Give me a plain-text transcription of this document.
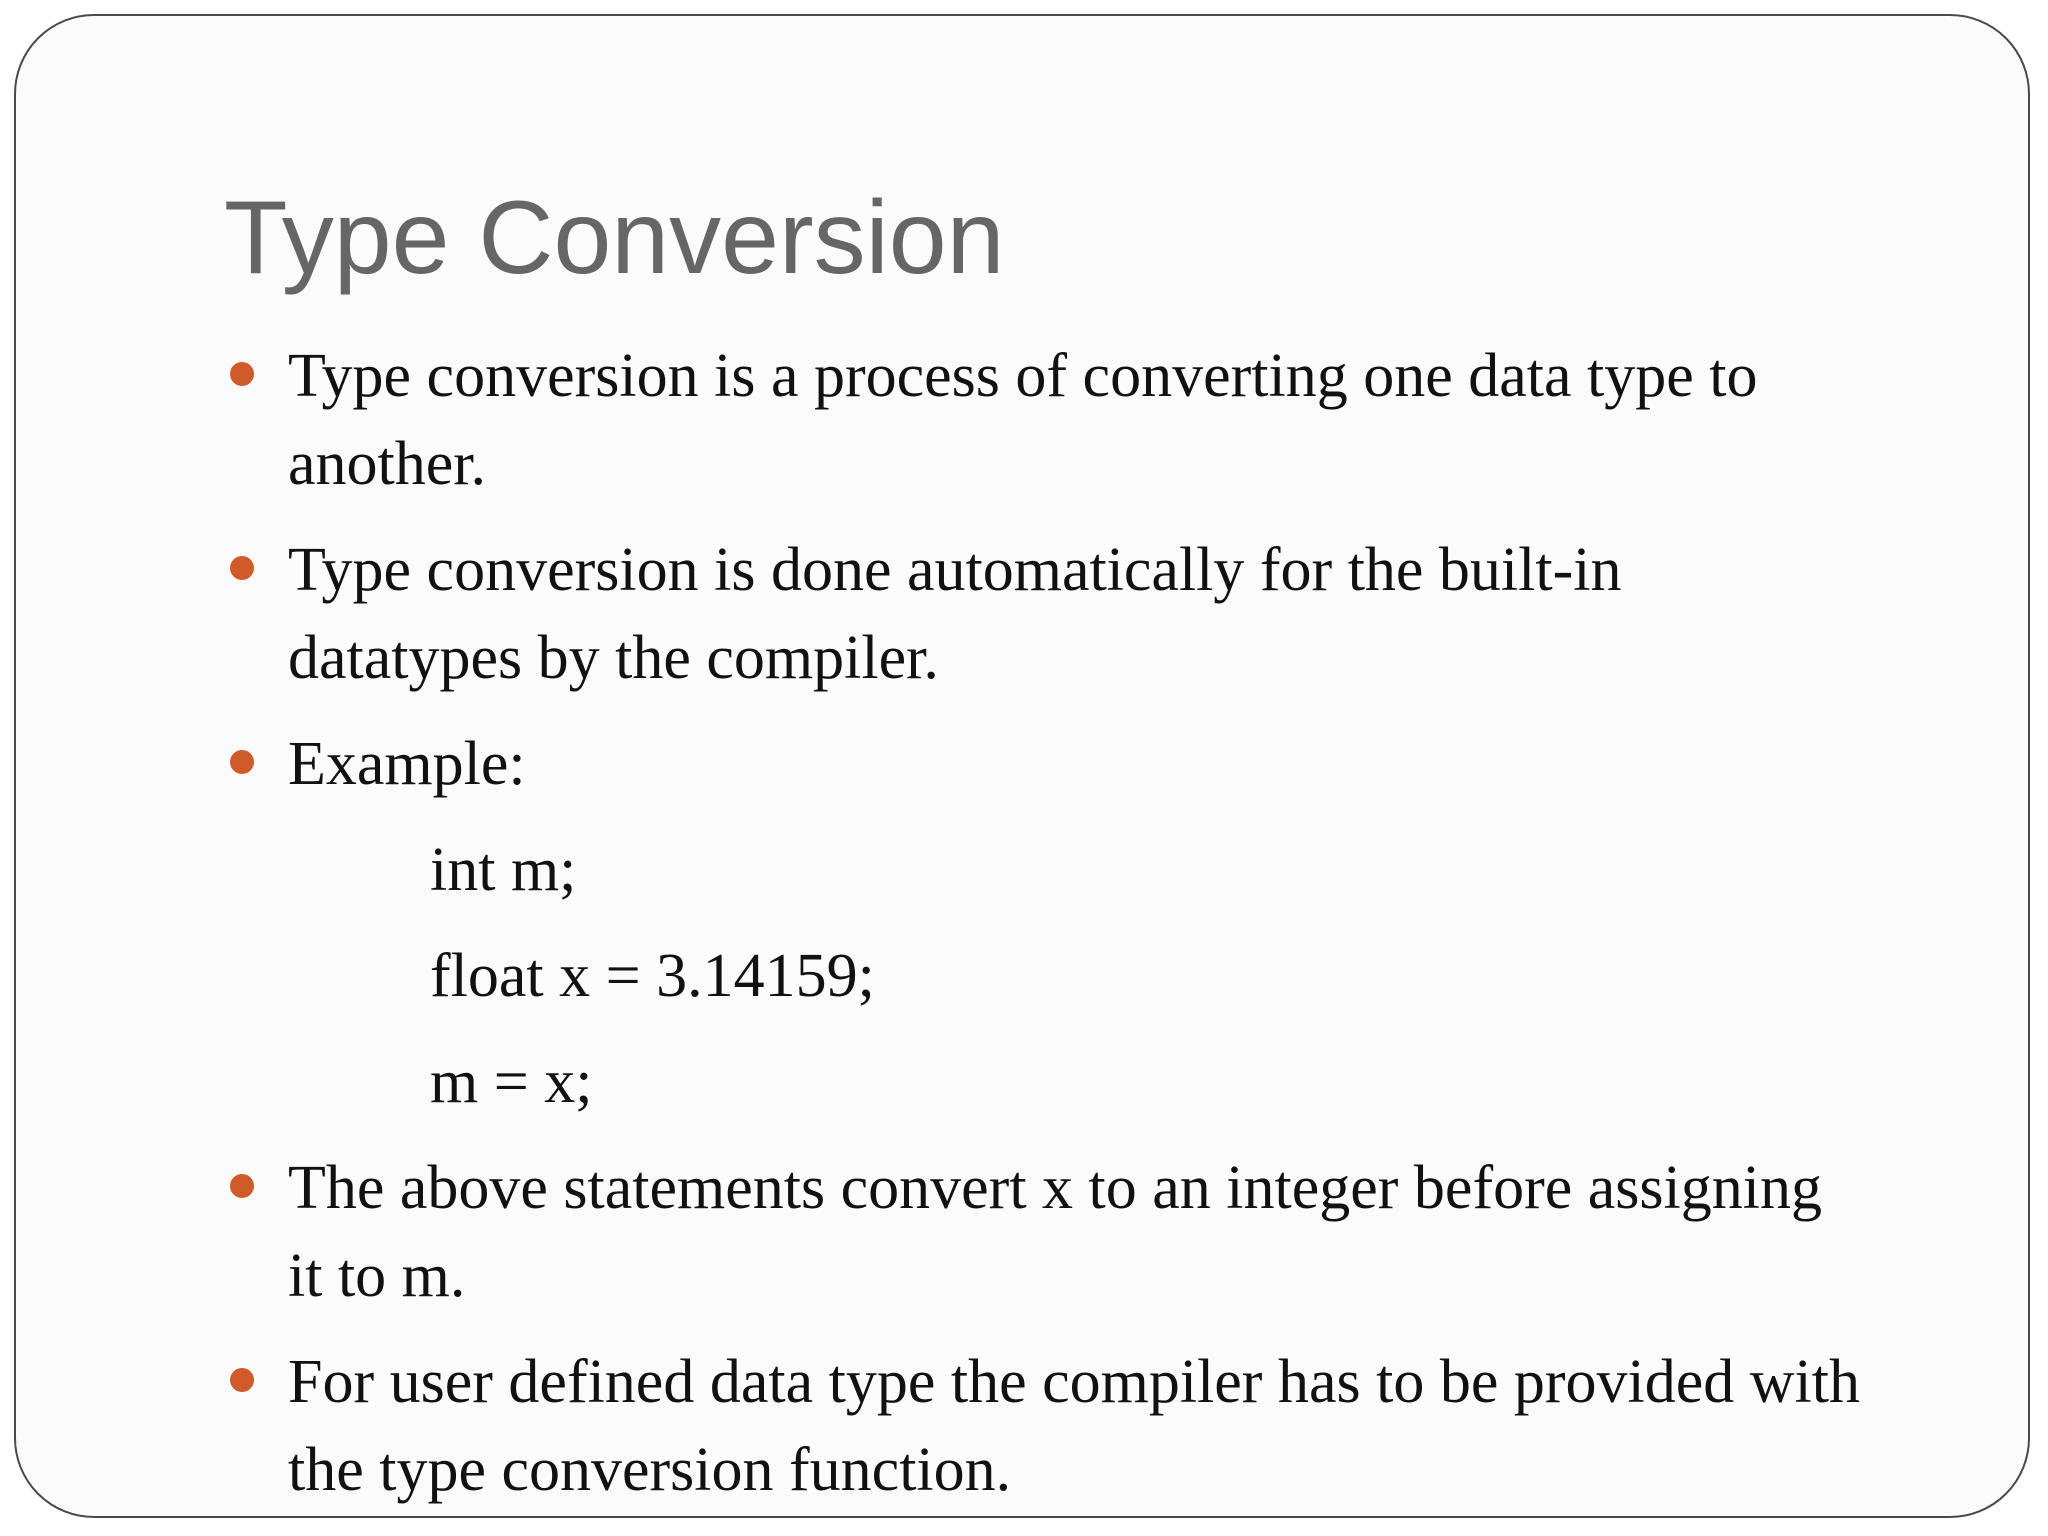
Type Conversion
Type conversion is a process of converting one data type to another.
Type conversion is done automatically for the built-in datatypes by the compiler.
Example:
int m;
float x = 3.14159;
m = x;
The above statements convert x to an integer before assigning it to m.
For user defined data type the compiler has to be provided with the type conversion function.
